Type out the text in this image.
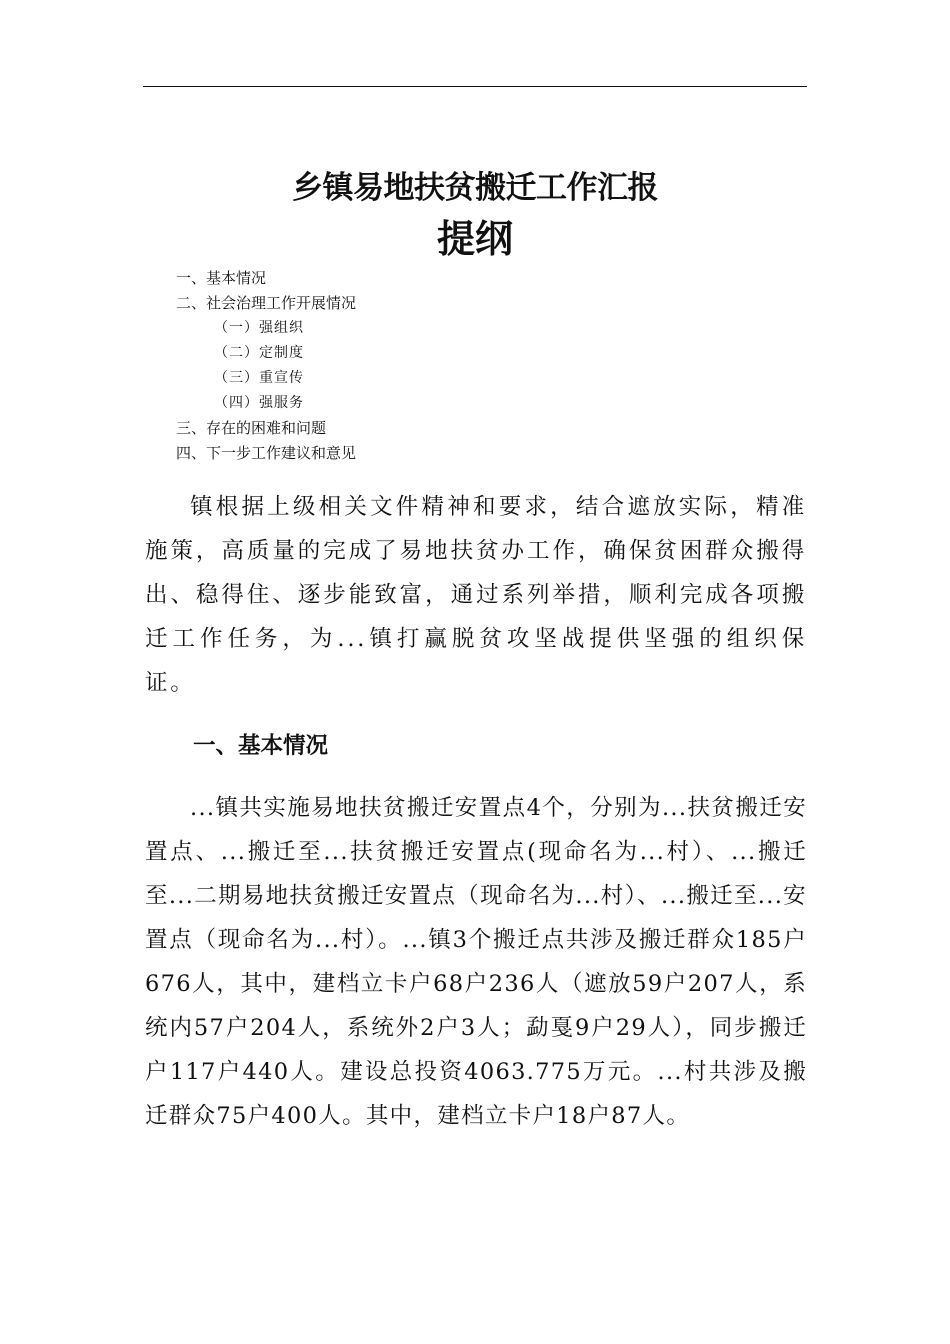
乡镇易地扶贫搬迁工作汇报
提纲
一、基本情况
二、社会治理工作开展情况
（一）强组织
（二）定制度
（三）重宣传
（四）强服务
三、存在的困难和问题
四、下一步工作建议和意见

镇根据上级相关文件精神和要求，结合遮放实际，精准施策，高质量的完成了易地扶贫办工作，确保贫困群众搬得出、稳得住、逐步能致富，通过系列举措，顺利完成各项搬迁工作任务，为...镇打赢脱贫攻坚战提供坚强的组织保证。

一、基本情况

...镇共实施易地扶贫搬迁安置点4个，分别为...扶贫搬迁安置点、...搬迁至...扶贫搬迁安置点(现命名为...村）、...搬迁至...二期易地扶贫搬迁安置点（现命名为...村）、...搬迁至...安置点（现命名为...村）。...镇3个搬迁点共涉及搬迁群众185户676人，其中，建档立卡户68户236人（遮放59户207人，系统内57户204人，系统外2户3人；勐戛9户29人），同步搬迁户117户440人。建设总投资4063.775万元。...村共涉及搬迁群众75户400人。其中，建档立卡户18户87人。
